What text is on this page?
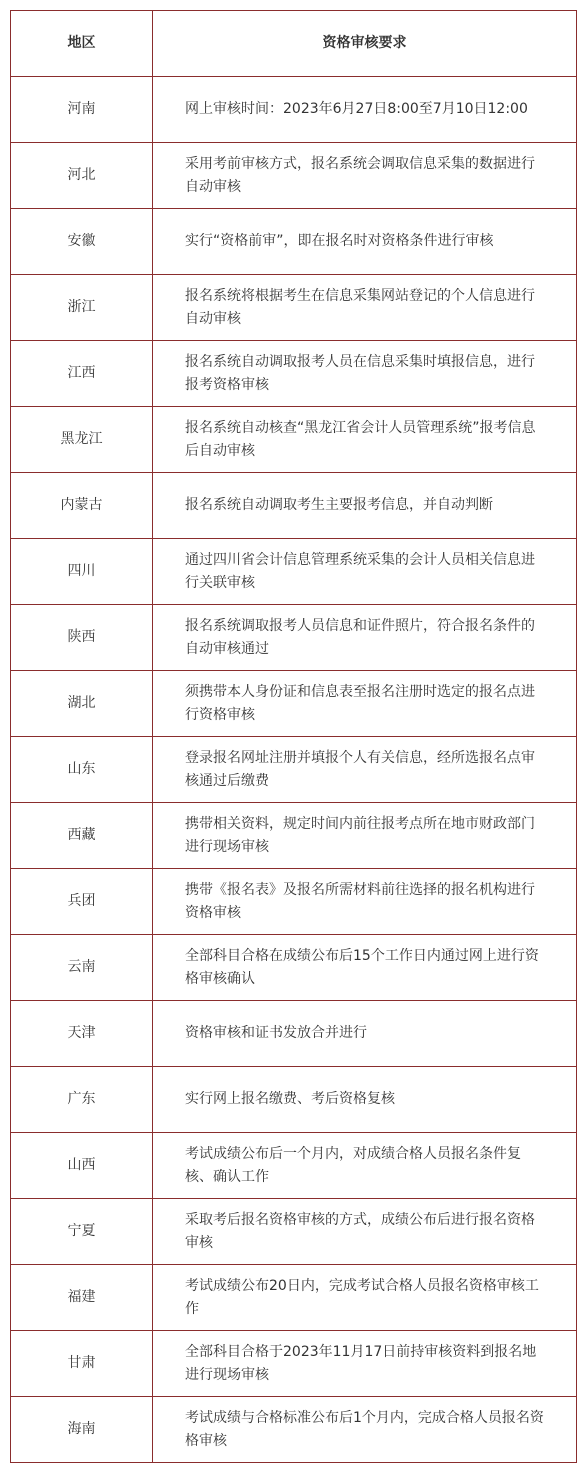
地区	资格审核要求
河南	网上审核时间：2023年6月27日8:00至7月10日12:00
河北	采用考前审核方式，报名系统会调取信息采集的数据进行自动审核
安徽	实行“资格前审”，即在报名时对资格条件进行审核
浙江	报名系统将根据考生在信息采集网站登记的个人信息进行自动审核
江西	报名系统自动调取报考人员在信息采集时填报信息，进行报考资格审核
黑龙江	报名系统自动核查“黑龙江省会计人员管理系统”报考信息后自动审核
内蒙古	报名系统自动调取考生主要报考信息，并自动判断
四川	通过四川省会计信息管理系统采集的会计人员相关信息进行关联审核
陕西	报名系统调取报考人员信息和证件照片，符合报名条件的自动审核通过
湖北	须携带本人身份证和信息表至报名注册时选定的报名点进行资格审核
山东	登录报名网址注册并填报个人有关信息，经所选报名点审核通过后缴费
西藏	携带相关资料，规定时间内前往报考点所在地市财政部门进行现场审核
兵团	携带《报名表》及报名所需材料前往选择的报名机构进行资格审核
云南	全部科目合格在成绩公布后15个工作日内通过网上进行资格审核确认
天津	资格审核和证书发放合并进行
广东	实行网上报名缴费、考后资格复核
山西	考试成绩公布后一个月内，对成绩合格人员报名条件复核、确认工作
宁夏	采取考后报名资格审核的方式，成绩公布后进行报名资格审核
福建	考试成绩公布20日内，完成考试合格人员报名资格审核工作
甘肃	全部科目合格于2023年11月17日前持审核资料到报名地进行现场审核
海南	考试成绩与合格标准公布后1个月内，完成合格人员报名资格审核
